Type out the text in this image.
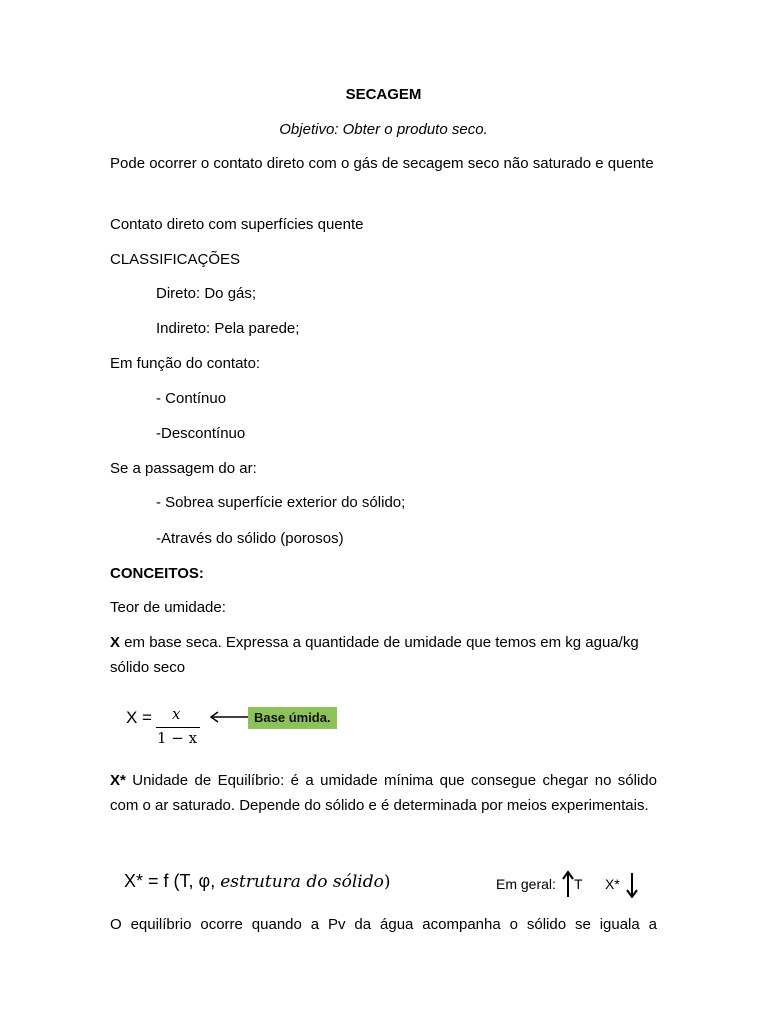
SECAGEM

Objetivo: Obter o produto seco.

Pode ocorrer o contato direto com o gás de secagem seco não saturado e quente

Contato direto com superfícies quente

CLASSIFICAÇÕES

Direto: Do gás;

Indireto: Pela parede;

Em função do contato:

- Contínuo

-Descontínuo

Se a passagem do ar:

- Sobrea superfície exterior do sólido;

-Através do sólido (porosos)

CONCEITOS:

Teor de umidade:

X em base seca. Expressa a quantidade de umidade que temos em kg agua/kg sólido seco

X = x
1 − x
Base úmida.

X* Unidade de Equilíbrio: é a umidade mínima que consegue chegar no sólido com o ar saturado. Depende do sólido e é determinada por meios experimentais.

X* = f (T, φ, estrutura do sólido)	Em geral: T X*

O equilíbrio ocorre quando a Pv da água acompanha o sólido se iguala a
